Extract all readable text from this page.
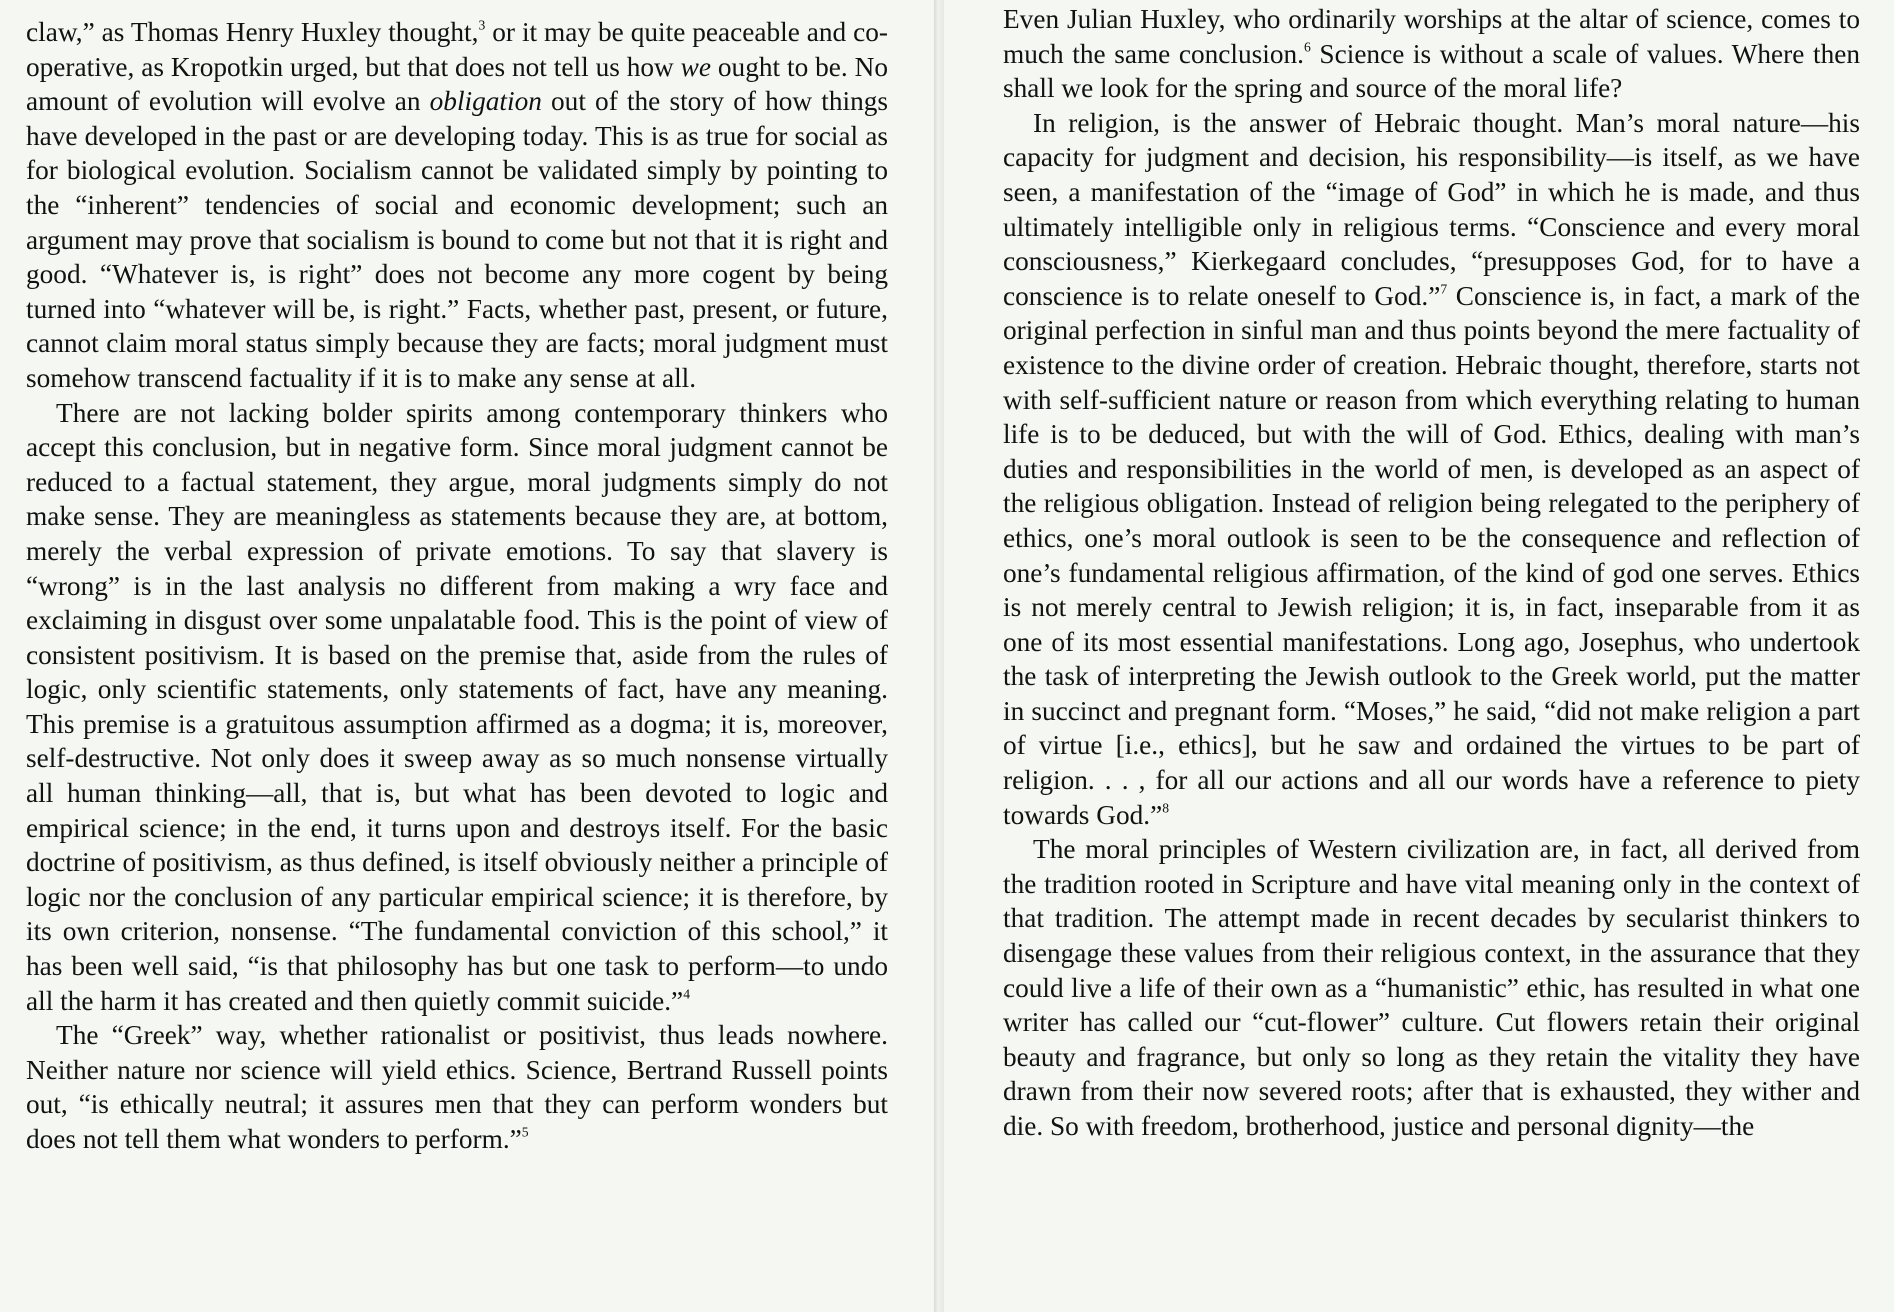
claw,” as Thomas Henry Huxley thought,$^3$ or it may be quite peaceable and co-operative, as Kropotkin urged, but that does not tell us how we ought to be. No amount of evolution will evolve an obligation out of the story of how things have developed in the past or are developing today. This is as true for social as for biological evolution. Socialism cannot be validated simply by pointing to the “inherent” tendencies of social and economic development; such an argument may prove that socialism is bound to come but not that it is right and good. “Whatever is, is right” does not become any more cogent by being turned into “whatever will be, is right.” Facts, whether past, present, or future, cannot claim moral status simply because they are facts; moral judgment must somehow transcend factuality if it is to make any sense at all.

There are not lacking bolder spirits among contemporary thinkers who accept this conclusion, but in negative form. Since moral judgment cannot be reduced to a factual statement, they argue, moral judgments simply do not make sense. They are meaningless as statements because they are, at bottom, merely the verbal expression of private emotions. To say that slavery is “wrong” is in the last analysis no different from making a wry face and exclaiming in disgust over some unpalatable food. This is the point of view of consistent positivism. It is based on the premise that, aside from the rules of logic, only scientific statements, only statements of fact, have any meaning. This premise is a gratuitous assumption affirmed as a dogma; it is, moreover, self-destructive. Not only does it sweep away as so much nonsense virtually all human thinking—all, that is, but what has been devoted to logic and empirical science; in the end, it turns upon and destroys itself. For the basic doctrine of positivism, as thus defined, is itself obviously neither a principle of logic nor the conclusion of any particular empirical science; it is therefore, by its own criterion, nonsense. “The fundamental conviction of this school,” it has been well said, “is that philosophy has but one task to perform—to undo all the harm it has created and then quietly commit suicide.”$^4$

The “Greek” way, whether rationalist or positivist, thus leads nowhere. Neither nature nor science will yield ethics. Science, Bertrand Russell points out, “is ethically neutral; it assures men that they can perform wonders but does not tell them what wonders to perform.”$^5$

Even Julian Huxley, who ordinarily worships at the altar of science, comes to much the same conclusion.$^6$ Science is without a scale of values. Where then shall we look for the spring and source of the moral life?

In religion, is the answer of Hebraic thought. Man’s moral nature—his capacity for judgment and decision, his responsibility—is itself, as we have seen, a manifestation of the “image of God” in which he is made, and thus ultimately intelligible only in religious terms. “Conscience and every moral consciousness,” Kierkegaard concludes, “presupposes God, for to have a conscience is to relate oneself to God.”$^7$ Conscience is, in fact, a mark of the original perfection in sinful man and thus points beyond the mere factuality of existence to the divine order of creation. Hebraic thought, therefore, starts not with self-sufficient nature or reason from which everything relating to human life is to be deduced, but with the will of God. Ethics, dealing with man’s duties and responsibilities in the world of men, is developed as an aspect of the religious obligation. Instead of religion being relegated to the periphery of ethics, one’s moral outlook is seen to be the consequence and reflection of one’s fundamental religious affirmation, of the kind of god one serves. Ethics is not merely central to Jewish religion; it is, in fact, inseparable from it as one of its most essential manifestations. Long ago, Josephus, who undertook the task of interpreting the Jewish outlook to the Greek world, put the matter in succinct and pregnant form. “Moses,” he said, “did not make religion a part of virtue [i.e., ethics], but he saw and ordained the virtues to be part of religion. . . , for all our actions and all our words have a reference to piety towards God.”$^8$

The moral principles of Western civilization are, in fact, all derived from the tradition rooted in Scripture and have vital meaning only in the context of that tradition. The attempt made in recent decades by secularist thinkers to disengage these values from their religious context, in the assurance that they could live a life of their own as a “humanistic” ethic, has resulted in what one writer has called our “cut-flower” culture. Cut flowers retain their original beauty and fragrance, but only so long as they retain the vitality they have drawn from their now severed roots; after that is exhausted, they wither and die. So with freedom, brotherhood, justice and personal dignity—the
